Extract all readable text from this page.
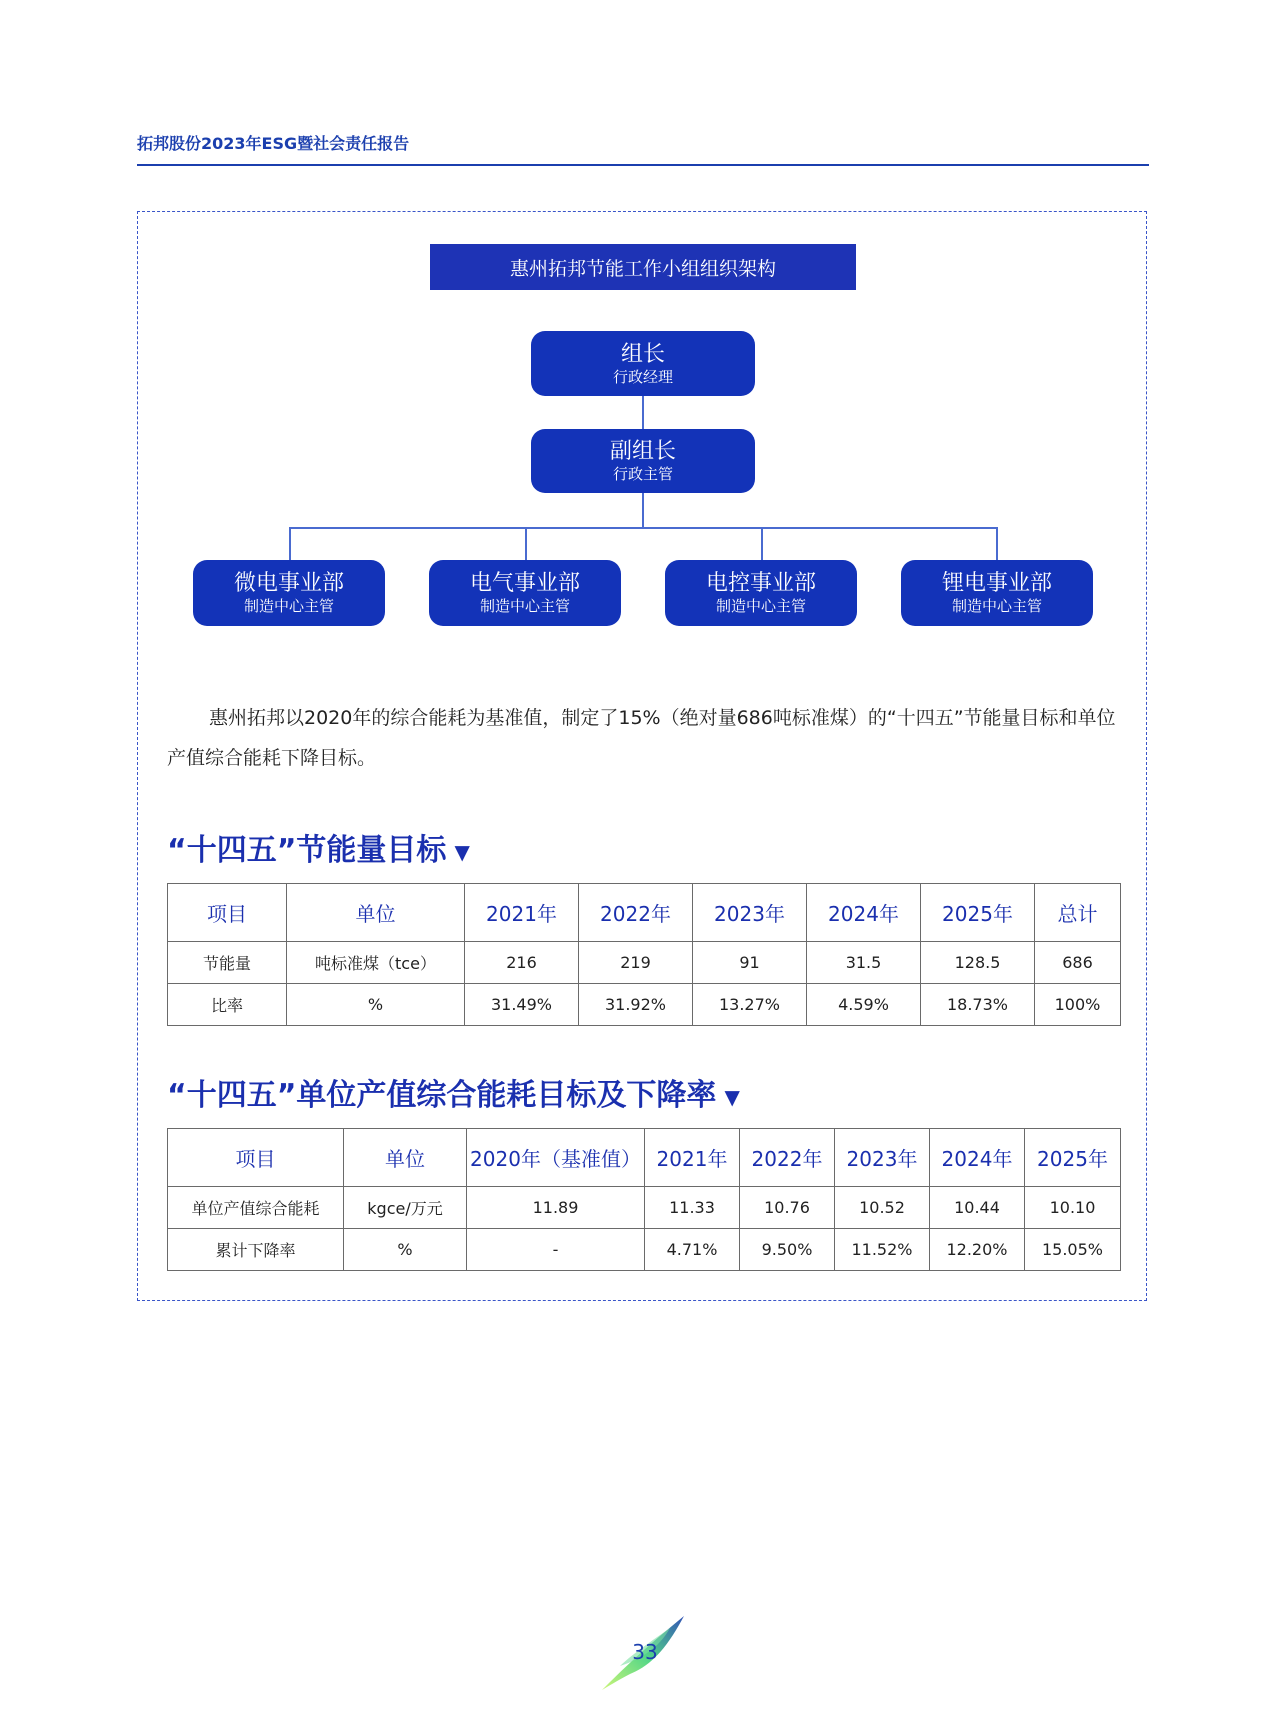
拓邦股份2023年ESG暨社会责任报告
惠州拓邦节能工作小组组织架构
组长
行政经理
副组长
行政主管
微电事业部
制造中心主管
电气事业部
制造中心主管
电控事业部
制造中心主管
锂电事业部
制造中心主管
惠州拓邦以2020年的综合能耗为基准值，制定了15%（绝对量686吨标准煤）的“十四五”节能量目标和单位产值综合能耗下降目标。
“十四五”节能量目标 ▼
项目	单位	2021年	2022年	2023年	2024年	2025年	总计
节能量	吨标准煤（tce）	216	219	91	31.5	128.5	686
比率	%	31.49%	31.92%	13.27%	4.59%	18.73%	100%
“十四五”单位产值综合能耗目标及下降率 ▼
项目	单位	2020年（基准值）	2021年	2022年	2023年	2024年	2025年
单位产值综合能耗	kgce/万元	11.89	11.33	10.76	10.52	10.44	10.10
累计下降率	%	-	4.71%	9.50%	11.52%	12.20%	15.05%
33
